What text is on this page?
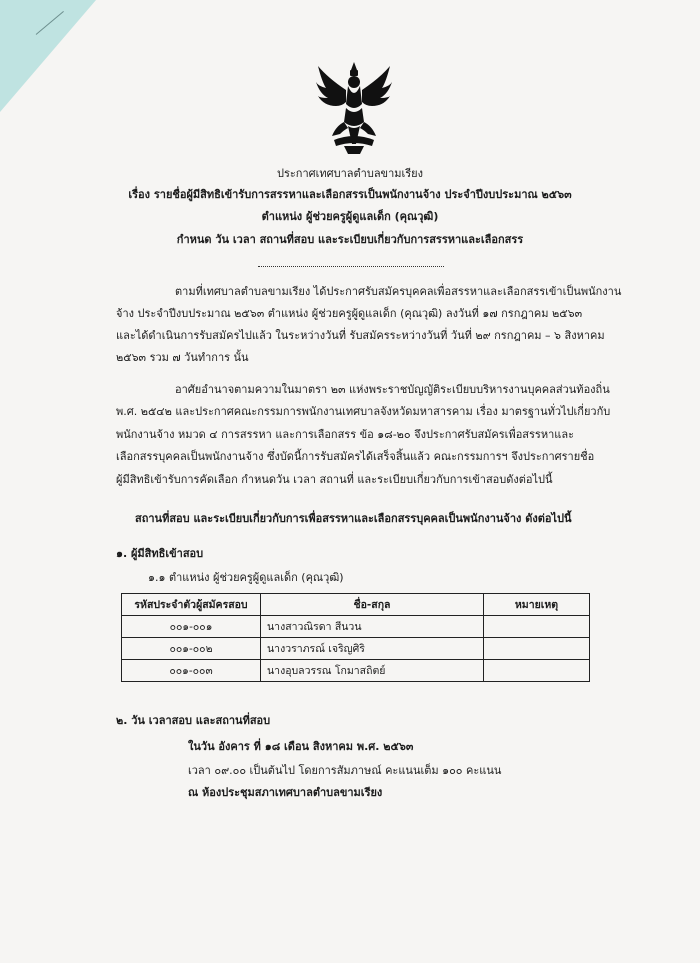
ประกาศเทศบาลตำบลขามเรียง
เรื่อง รายชื่อผู้มีสิทธิเข้ารับการสรรหาและเลือกสรรเป็นพนักงานจ้าง ประจำปีงบประมาณ ๒๕๖๓
ตำแหน่ง ผู้ช่วยครูผู้ดูแลเด็ก (คุณวุฒิ)
กำหนด วัน เวลา สถานที่สอบ และระเบียบเกี่ยวกับการสรรหาและเลือกสรร
ตามที่เทศบาลตำบลขามเรียง ได้ประกาศรับสมัครบุคคลเพื่อสรรหาและเลือกสรรเข้าเป็นพนักงาน
จ้าง ประจำปีงบประมาณ ๒๕๖๓ ตำแหน่ง ผู้ช่วยครูผู้ดูแลเด็ก (คุณวุฒิ) ลงวันที่ ๑๗ กรกฎาคม ๒๕๖๓
และได้ดำเนินการรับสมัครไปแล้ว ในระหว่างวันที่ รับสมัครระหว่างวันที่ วันที่ ๒๙ กรกฎาคม – ๖ สิงหาคม
๒๕๖๓ รวม ๗ วันทำการ นั้น
อาศัยอำนาจตามความในมาตรา ๒๓ แห่งพระราชบัญญัติระเบียบบริหารงานบุคคลส่วนท้องถิ่น
พ.ศ. ๒๕๔๒ และประกาศคณะกรรมการพนักงานเทศบาลจังหวัดมหาสารคาม เรื่อง มาตรฐานทั่วไปเกี่ยวกับ
พนักงานจ้าง หมวด ๔ การสรรหา และการเลือกสรร ข้อ ๑๘-๒๐ จึงประกาศรับสมัครเพื่อสรรหาและ
เลือกสรรบุคคลเป็นพนักงานจ้าง ซึ่งบัดนี้การรับสมัครได้เสร็จสิ้นแล้ว คณะกรรมการฯ จึงประกาศรายชื่อ
ผู้มีสิทธิเข้ารับการคัดเลือก กำหนดวัน เวลา สถานที่ และระเบียบเกี่ยวกับการเข้าสอบดังต่อไปนี้
สถานที่สอบ และระเบียบเกี่ยวกับการเพื่อสรรหาและเลือกสรรบุคคลเป็นพนักงานจ้าง ดังต่อไปนี้
๑. ผู้มีสิทธิเข้าสอบ
๑.๑ ตำแหน่ง ผู้ช่วยครูผู้ดูแลเด็ก (คุณวุฒิ)
รหัสประจำตัวผู้สมัครสอบ	ชื่อ-สกุล	หมายเหตุ
๐๐๑-๐๐๑	นางสาวณิรดา สีนวน	
๐๐๑-๐๐๒	นางวราภรณ์ เจริญศิริ	
๐๐๑-๐๐๓	นางอุบลวรรณ โกมาสถิตย์	
๒. วัน เวลาสอบ และสถานที่สอบ
ในวัน อังคาร ที่ ๑๘ เดือน สิงหาคม พ.ศ. ๒๕๖๓
เวลา ๐๙.๐๐ เป็นต้นไป โดยการสัมภาษณ์ คะแนนเต็ม ๑๐๐ คะแนน
ณ ห้องประชุมสภาเทศบาลตำบลขามเรียง
